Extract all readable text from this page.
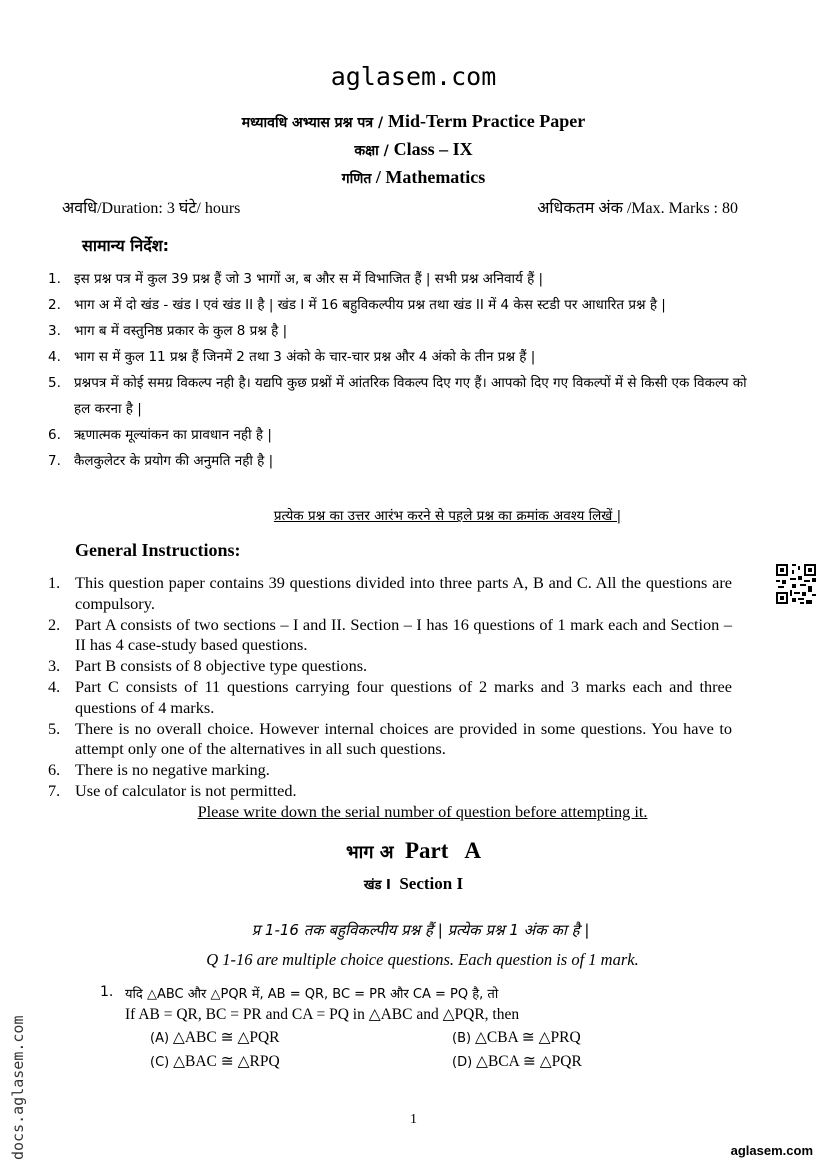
aglasem.com
मध्यावधि अभ्यास प्रश्न पत्र / Mid-Term Practice Paper
कक्षा / Class – IX
गणित / Mathematics
अवधि/Duration: 3 घंटे/ hours	अधिकतम अंक /Max. Marks : 80
सामान्य निर्देश:
1. इस प्रश्न पत्र में कुल 39 प्रश्न हैं जो 3 भागों अ, ब और स में विभाजित हैं | सभी प्रश्न अनिवार्य हैं |
2. भाग अ में दो खंड - खंड I एवं खंड II है | खंड I में 16 बहुविकल्पीय प्रश्न तथा खंड II में 4 केस स्टडी पर आधारित प्रश्न है |
3. भाग ब में वस्तुनिष्ठ प्रकार के कुल 8 प्रश्न है |
4. भाग स में कुल 11 प्रश्न हैं जिनमें 2 तथा 3 अंको के चार-चार प्रश्न और 4 अंको के तीन प्रश्न हैं |
5. प्रश्नपत्र में कोई समग्र विकल्प नही है। यद्यपि कुछ प्रश्नों में आंतरिक विकल्प दिए गए हैं। आपको दिए गए विकल्पों में से किसी एक विकल्प को हल करना है |
6. ऋणात्मक मूल्यांकन का प्रावधान नही है |
7. कैलकुलेटर के प्रयोग की अनुमति नही है |
प्रत्येक प्रश्न का उत्तर आरंभ करने से पहले प्रश्न का क्रमांक अवश्य लिखें |
General Instructions:
1. This question paper contains 39 questions divided into three parts A, B and C. All the questions are compulsory.
2. Part A consists of two sections – I and II. Section – I has 16 questions of 1 mark each and Section – II has 4 case-study based questions.
3. Part B consists of 8 objective type questions.
4. Part C consists of 11 questions carrying four questions of 2 marks and 3 marks each and three questions of 4 marks.
5. There is no overall choice. However internal choices are provided in some questions. You have to attempt only one of the alternatives in all such questions.
6. There is no negative marking.
7. Use of calculator is not permitted.
Please write down the serial number of question before attempting it.
भाग अ  Part   A
खंड I  Section I
प्र 1-16 तक बहुविकल्पीय प्रश्न हैं | प्रत्येक प्रश्न 1 अंक का है |
Q 1-16 are multiple choice questions. Each question is of 1 mark.
1. यदि △ABC और △PQR में, AB = QR, BC = PR और CA = PQ है, तो
If AB = QR, BC = PR and CA = PQ in △ABC and △PQR, then
(A) △ABC ≅ △PQR	(B) △CBA ≅ △PRQ
(C) △BAC ≅ △RPQ	(D) △BCA ≅ △PQR
1
docs.aglasem.com	aglasem.com
